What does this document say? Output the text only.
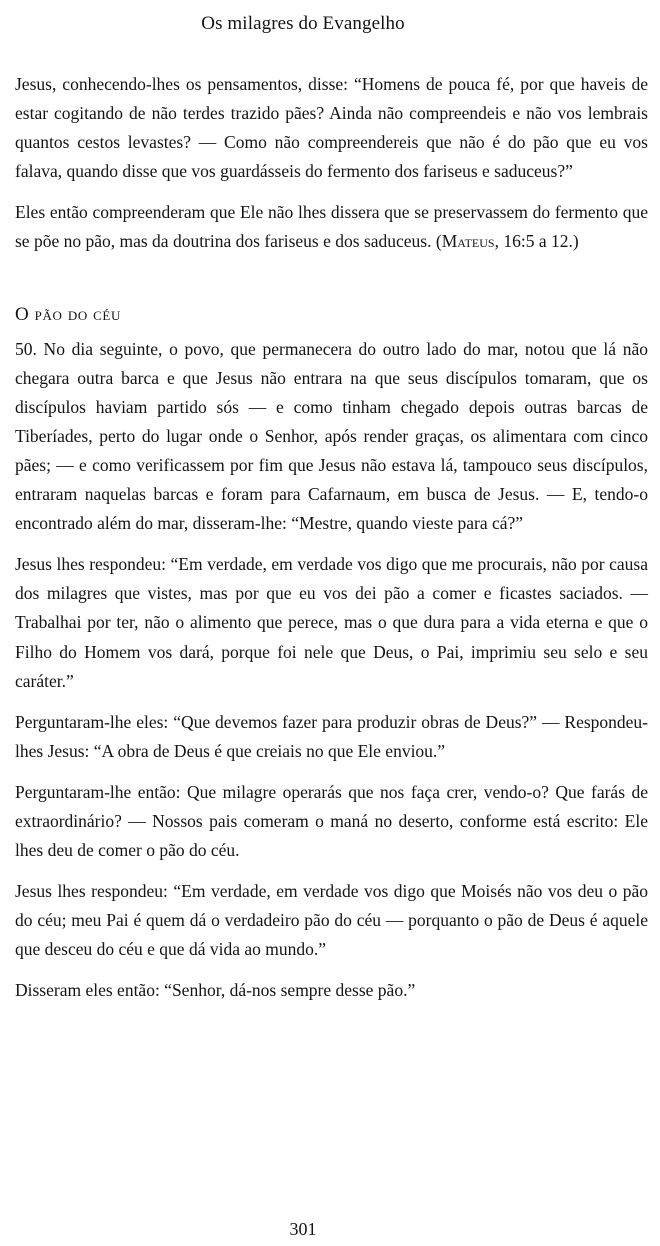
Os milagres do Evangelho

Jesus, conhecendo-lhes os pensamentos, disse: “Homens de pouca fé, por que haveis de estar cogitando de não terdes trazido pães? Ainda não compreendeis e não vos lembrais quantos cestos levastes? — Como não compreendereis que não é do pão que eu vos falava, quando disse que vos guardásseis do fermento dos fariseus e saduceus?”

Eles então compreenderam que Ele não lhes dissera que se preservassem do fermento que se põe no pão, mas da doutrina dos fariseus e dos saduceus. (Mateus, 16:5 a 12.)

O pão do céu

50. No dia seguinte, o povo, que permanecera do outro lado do mar, notou que lá não chegara outra barca e que Jesus não entrara na que seus discípulos tomaram, que os discípulos haviam partido sós — e como tinham chegado depois outras barcas de Tiberíades, perto do lugar onde o Senhor, após render graças, os alimentara com cinco pães; — e como verificassem por fim que Jesus não estava lá, tampouco seus discípulos, entraram naquelas barcas e foram para Cafarnaum, em busca de Jesus. — E, tendo-o encontrado além do mar, disseram-lhe: “Mestre, quando vieste para cá?”

Jesus lhes respondeu: “Em verdade, em verdade vos digo que me procurais, não por causa dos milagres que vistes, mas por que eu vos dei pão a comer e ficastes saciados. — Trabalhai por ter, não o alimento que perece, mas o que dura para a vida eterna e que o Filho do Homem vos dará, porque foi nele que Deus, o Pai, imprimiu seu selo e seu caráter.”

Perguntaram-lhe eles: “Que devemos fazer para produzir obras de Deus?” — Respondeu-lhes Jesus: “A obra de Deus é que creiais no que Ele enviou.”

Perguntaram-lhe então: Que milagre operarás que nos faça crer, vendo-o? Que farás de extraordinário? — Nossos pais comeram o maná no deserto, conforme está escrito: Ele lhes deu de comer o pão do céu.

Jesus lhes respondeu: “Em verdade, em verdade vos digo que Moisés não vos deu o pão do céu; meu Pai é quem dá o verdadeiro pão do céu — porquanto o pão de Deus é aquele que desceu do céu e que dá vida ao mundo.”

Disseram eles então: “Senhor, dá-nos sempre desse pão.”

301
